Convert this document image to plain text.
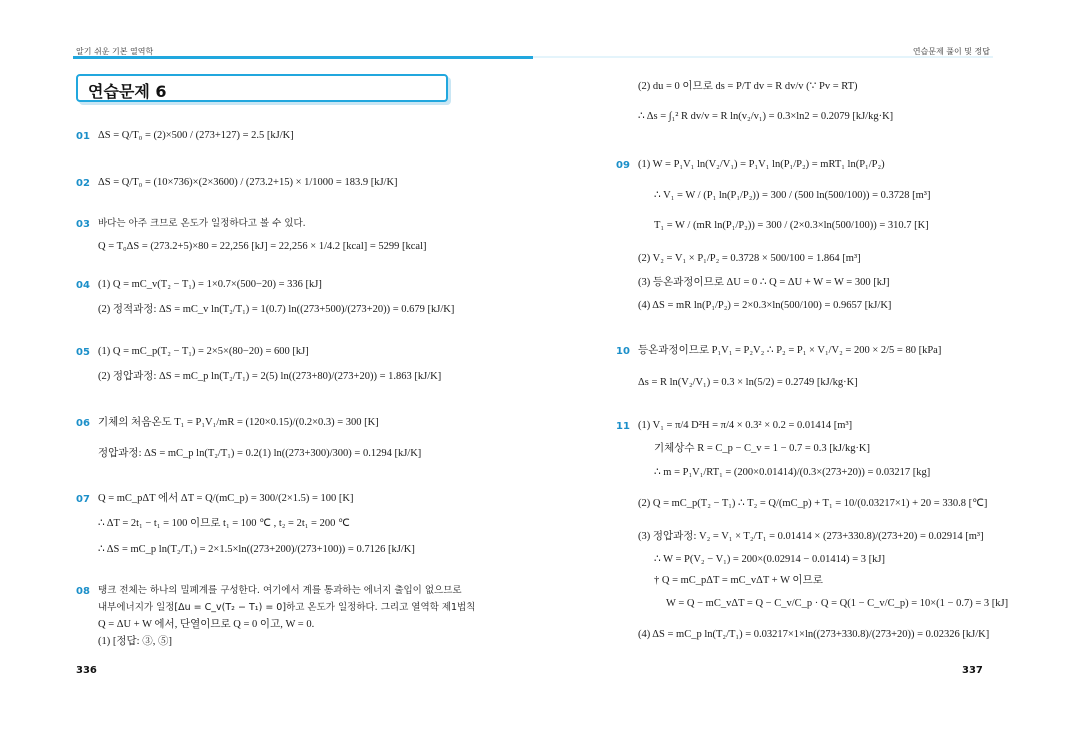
알기 쉬운 기본 열역학	연습문제 풀이 및 정답
연습문제 6
01 ΔS = Q/T₀ = (2)×500 / (273+127) = 2.5 [kJ/K]
02 ΔS = Q/T₀ = (10×736)×(2×3600) / (273.2+15) × 1/1000 = 183.9 [kJ/K]
03 바다는 아주 크므로 온도가 일정하다고 볼 수 있다.
Q = T₀ΔS = (273.2+5)×80 = 22,256 [kJ] = 22,256 × 1/4.2 [kcal] = 5299 [kcal]
04 (1) Q = mC_v(T₂ − T₁) = 1×0.7×(500−20) = 336 [kJ]
(2) 정적과정: ΔS = mC_v ln(T₂/T₁) = 1(0.7) ln((273+500)/(273+20)) = 0.679 [kJ/K]
05 (1) Q = mC_p(T₂ − T₁) = 2×5×(80−20) = 600 [kJ]
(2) 정압과정: ΔS = mC_p ln(T₂/T₁) = 2(5) ln((273+80)/(273+20)) = 1.863 [kJ/K]
06 기체의 처음온도 T₁ = P₁V₁/mR = (120×0.15)/(0.2×0.3) = 300 [K]
정압과정: ΔS = mC_p ln(T₂/T₁) = 0.2(1) ln((273+300)/300) = 0.1294 [kJ/K]
07 Q = mC_pΔT 에서 ΔT = Q/(mC_p) = 300/(2×1.5) = 100 [K]
∴ ΔT = 2t₁ − t₁ = 100 이므로 t₁ = 100 ℃ , t₂ = 2t₁ = 200 ℃
∴ ΔS = mC_p ln(T₂/T₁) = 2×1.5×ln((273+200)/(273+100)) = 0.7126 [kJ/K]
08 탱크 전체는 하나의 밀폐계를 구성한다. 여기에서 계를 통과하는 에너지 출입이 없으므로
내부에너지가 일정[Δu = C_v(T₂ − T₁) = 0]하고 온도가 일정하다. 그리고 열역학 제1법칙
Q = ΔU + W 에서, 단열이므로 Q = 0 이고, W = 0.
(1) [정답: ③, ⑤]
336
(2) du = 0 이므로 ds = P/T dv = R dv/v (∵ Pv = RT)
∴ Δs = ∫₁² R dv/v = R ln(v₂/v₁) = 0.3×ln2 = 0.2079 [kJ/kg·K]
09 (1) W = P₁V₁ ln(V₂/V₁) = P₁V₁ ln(P₁/P₂) = mRT₁ ln(P₁/P₂)
∴ V₁ = W / (P₁ ln(P₁/P₂)) = 300 / (500 ln(500/100)) = 0.3728 [m³]
T₁ = W / (mR ln(P₁/P₂)) = 300 / (2×0.3×ln(500/100)) = 310.7 [K]
(2) V₂ = V₁ × P₁/P₂ = 0.3728 × 500/100 = 1.864 [m³]
(3) 등온과정이므로 ΔU = 0 ∴ Q = ΔU + W = W = 300 [kJ]
(4) ΔS = mR ln(P₁/P₂) = 2×0.3×ln(500/100) = 0.9657 [kJ/K]
10 등온과정이므로 P₁V₁ = P₂V₂ ∴ P₂ = P₁ × V₁/V₂ = 200 × 2/5 = 80 [kPa]
Δs = R ln(V₂/V₁) = 0.3 × ln(5/2) = 0.2749 [kJ/kg·K]
11 (1) V₁ = π/4 D²H = π/4 × 0.3² × 0.2 = 0.01414 [m³]
기체상수 R = C_p − C_v = 1 − 0.7 = 0.3 [kJ/kg·K]
∴ m = P₁V₁/RT₁ = (200×0.01414)/(0.3×(273+20)) = 0.03217 [kg]
(2) Q = mC_p(T₂ − T₁) ∴ T₂ = Q/(mC_p) + T₁ = 10/(0.03217×1) + 20 = 330.8 [℃]
(3) 정압과정: V₂ = V₁ × T₂/T₁ = 0.01414 × (273+330.8)/(273+20) = 0.02914 [m³]
∴ W = P(V₂ − V₁) = 200×(0.02914 − 0.01414) = 3 [kJ]
† Q = mC_pΔT = mC_vΔT + W 이므로
W = Q − mC_vΔT = Q − C_v/C_p · Q = Q(1 − C_v/C_p) = 10×(1 − 0.7) = 3 [kJ]
(4) ΔS = mC_p ln(T₂/T₁) = 0.03217×1×ln((273+330.8)/(273+20)) = 0.02326 [kJ/K]
337
